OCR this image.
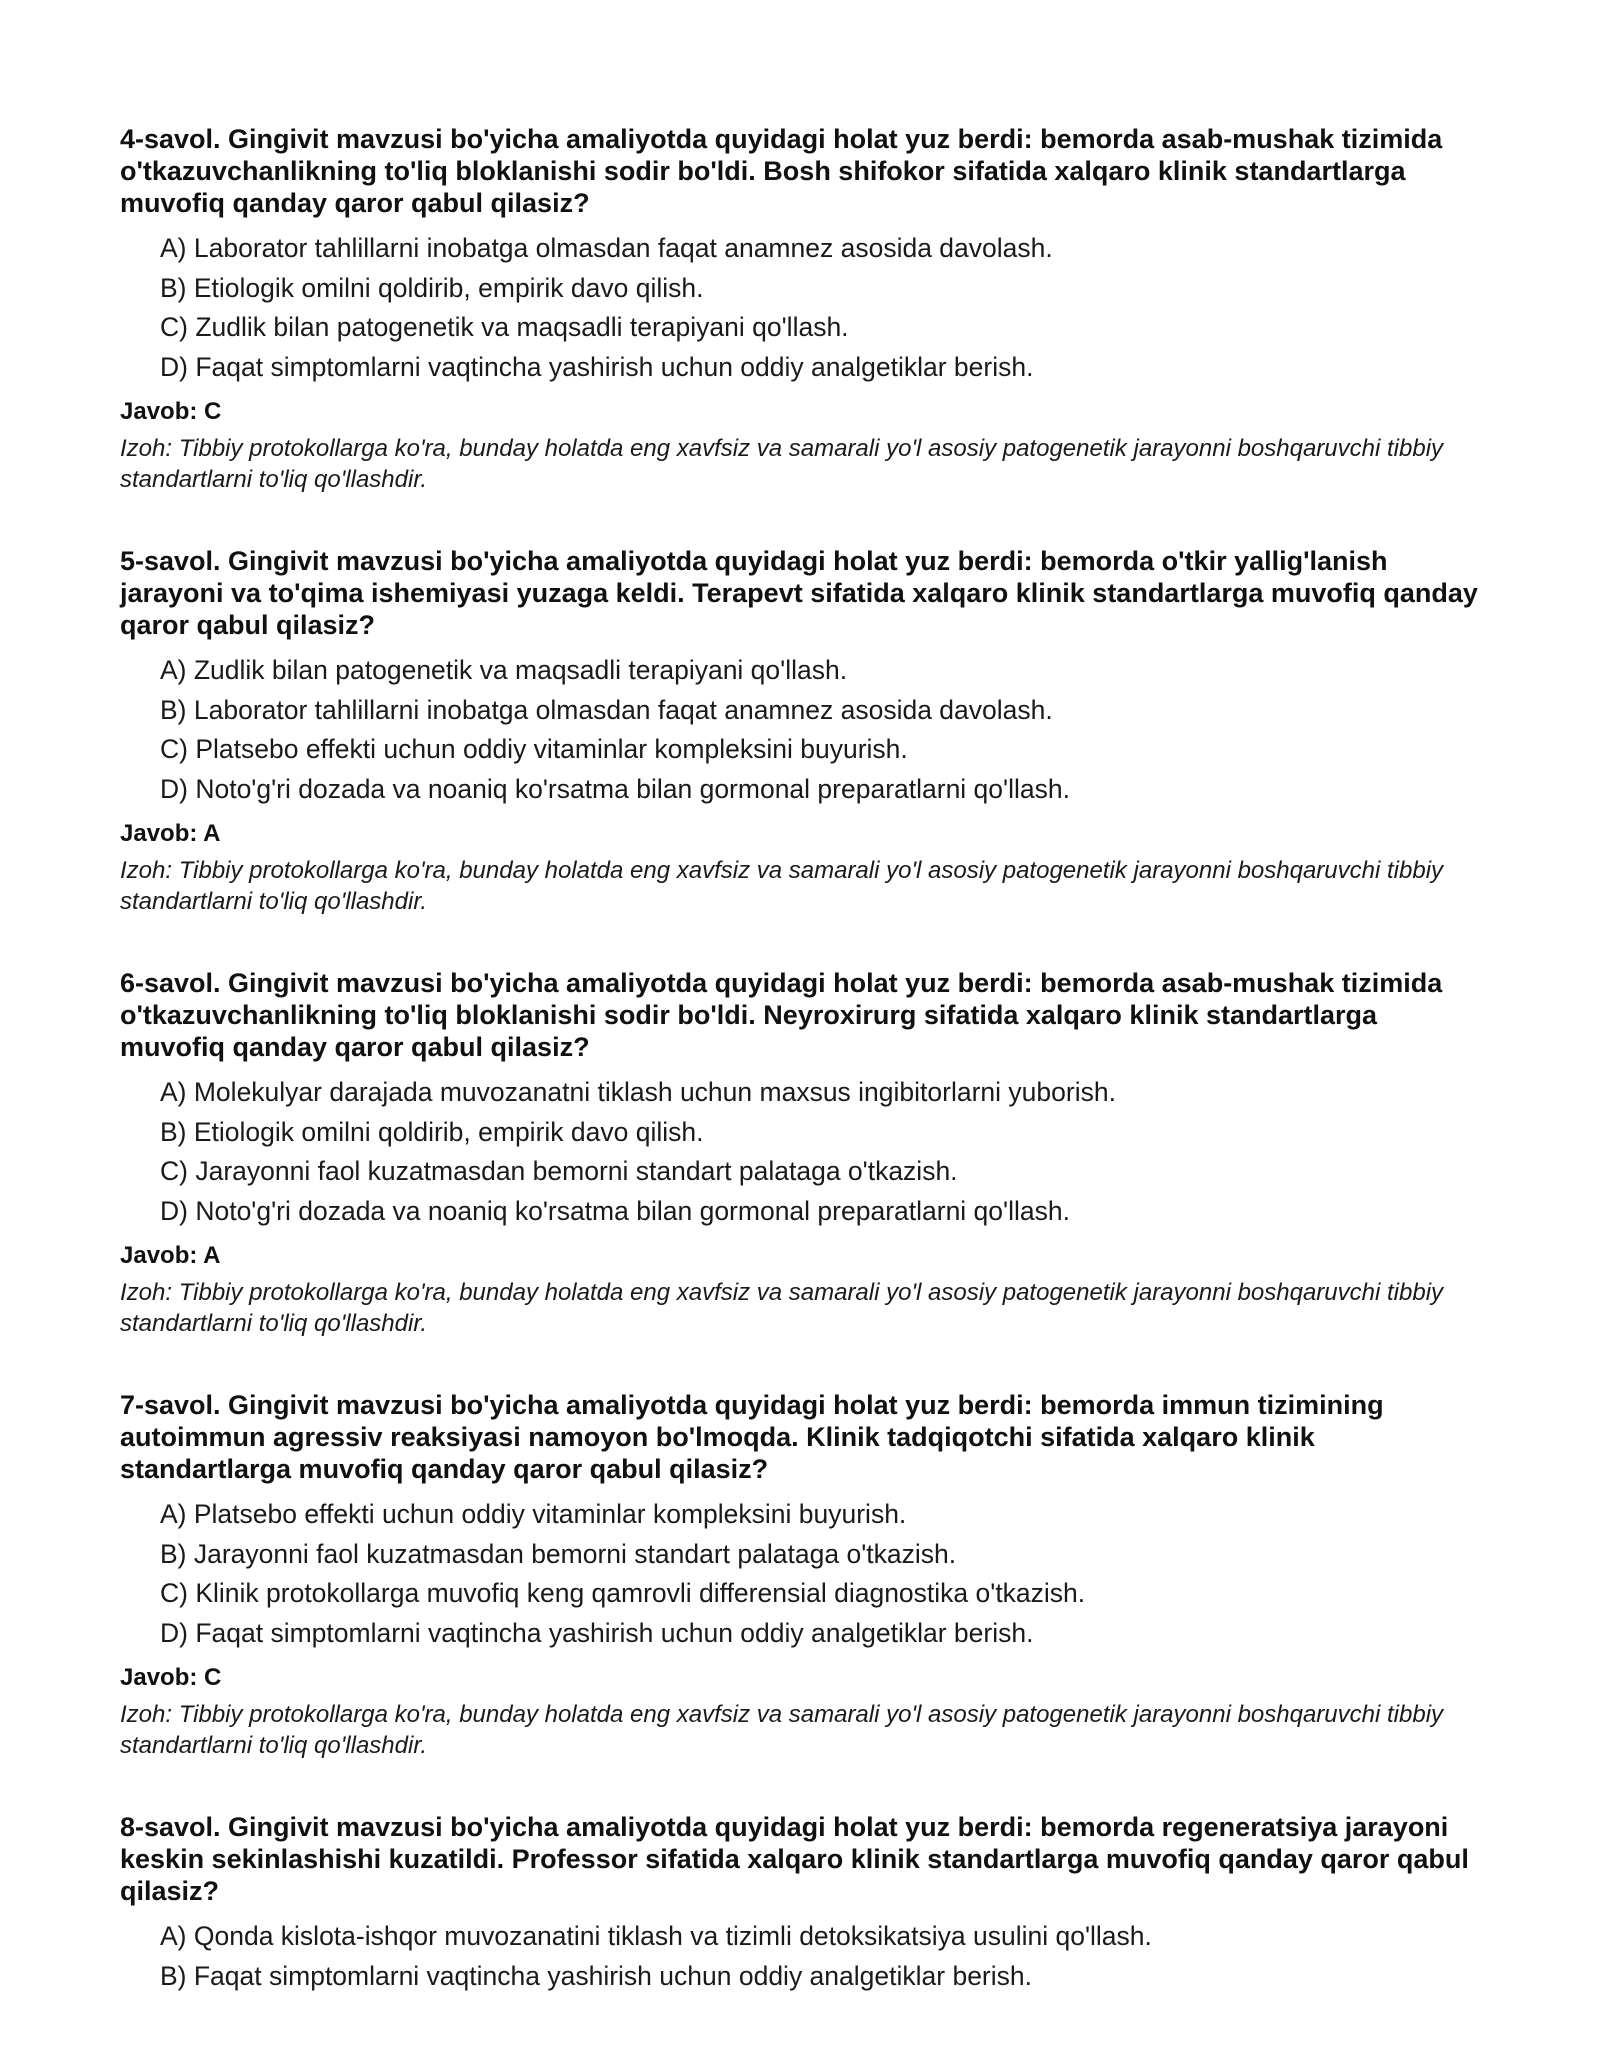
4-savol. Gingivit mavzusi bo'yicha amaliyotda quyidagi holat yuz berdi: bemorda asab-mushak tizimida o'tkazuvchanlikning to'liq bloklanishi sodir bo'ldi. Bosh shifokor sifatida xalqaro klinik standartlarga muvofiq qanday qaror qabul qilasiz?

A) Laborator tahlillarni inobatga olmasdan faqat anamnez asosida davolash.
B) Etiologik omilni qoldirib, empirik davo qilish.
C) Zudlik bilan patogenetik va maqsadli terapiyani qo'llash.
D) Faqat simptomlarni vaqtincha yashirish uchun oddiy analgetiklar berish.

Javob: C

Izoh: Tibbiy protokollarga ko'ra, bunday holatda eng xavfsiz va samarali yo'l asosiy patogenetik jarayonni boshqaruvchi tibbiy standartlarni to'liq qo'llashdir.

5-savol. Gingivit mavzusi bo'yicha amaliyotda quyidagi holat yuz berdi: bemorda o'tkir yallig'lanish jarayoni va to'qima ishemiyasi yuzaga keldi. Terapevt sifatida xalqaro klinik standartlarga muvofiq qanday qaror qabul qilasiz?

A) Zudlik bilan patogenetik va maqsadli terapiyani qo'llash.
B) Laborator tahlillarni inobatga olmasdan faqat anamnez asosida davolash.
C) Platsebo effekti uchun oddiy vitaminlar kompleksini buyurish.
D) Noto'g'ri dozada va noaniq ko'rsatma bilan gormonal preparatlarni qo'llash.

Javob: A

Izoh: Tibbiy protokollarga ko'ra, bunday holatda eng xavfsiz va samarali yo'l asosiy patogenetik jarayonni boshqaruvchi tibbiy standartlarni to'liq qo'llashdir.

6-savol. Gingivit mavzusi bo'yicha amaliyotda quyidagi holat yuz berdi: bemorda asab-mushak tizimida o'tkazuvchanlikning to'liq bloklanishi sodir bo'ldi. Neyroxirurg sifatida xalqaro klinik standartlarga muvofiq qanday qaror qabul qilasiz?

A) Molekulyar darajada muvozanatni tiklash uchun maxsus ingibitorlarni yuborish.
B) Etiologik omilni qoldirib, empirik davo qilish.
C) Jarayonni faol kuzatmasdan bemorni standart palataga o'tkazish.
D) Noto'g'ri dozada va noaniq ko'rsatma bilan gormonal preparatlarni qo'llash.

Javob: A

Izoh: Tibbiy protokollarga ko'ra, bunday holatda eng xavfsiz va samarali yo'l asosiy patogenetik jarayonni boshqaruvchi tibbiy standartlarni to'liq qo'llashdir.

7-savol. Gingivit mavzusi bo'yicha amaliyotda quyidagi holat yuz berdi: bemorda immun tizimining autoimmun agressiv reaksiyasi namoyon bo'lmoqda. Klinik tadqiqotchi sifatida xalqaro klinik standartlarga muvofiq qanday qaror qabul qilasiz?

A) Platsebo effekti uchun oddiy vitaminlar kompleksini buyurish.
B) Jarayonni faol kuzatmasdan bemorni standart palataga o'tkazish.
C) Klinik protokollarga muvofiq keng qamrovli differensial diagnostika o'tkazish.
D) Faqat simptomlarni vaqtincha yashirish uchun oddiy analgetiklar berish.

Javob: C

Izoh: Tibbiy protokollarga ko'ra, bunday holatda eng xavfsiz va samarali yo'l asosiy patogenetik jarayonni boshqaruvchi tibbiy standartlarni to'liq qo'llashdir.

8-savol. Gingivit mavzusi bo'yicha amaliyotda quyidagi holat yuz berdi: bemorda regeneratsiya jarayoni keskin sekinlashishi kuzatildi. Professor sifatida xalqaro klinik standartlarga muvofiq qanday qaror qabul qilasiz?

A) Qonda kislota-ishqor muvozanatini tiklash va tizimli detoksikatsiya usulini qo'llash.
B) Faqat simptomlarni vaqtincha yashirish uchun oddiy analgetiklar berish.
